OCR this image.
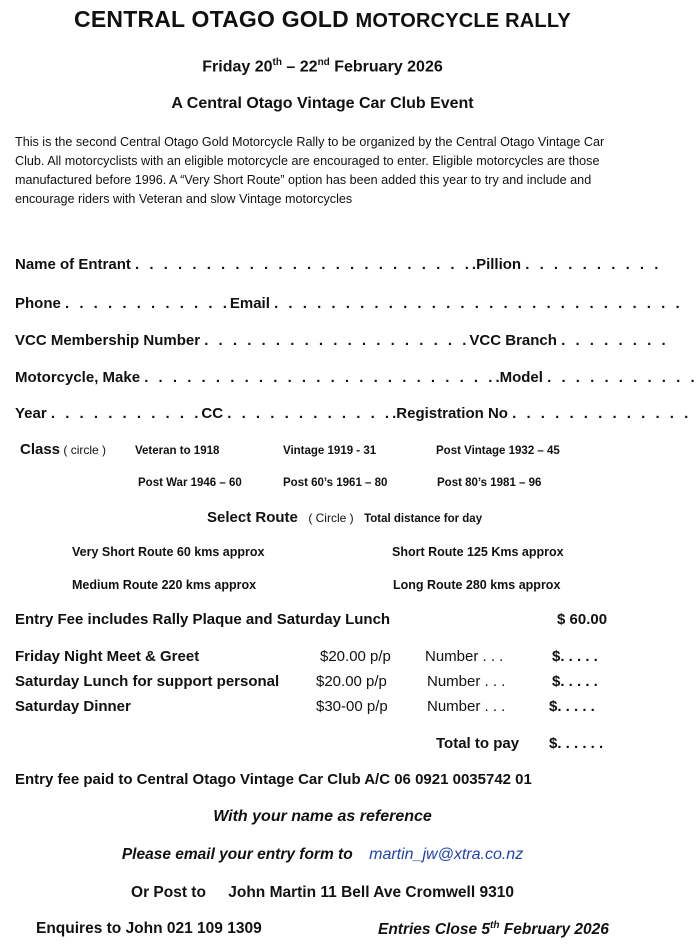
CENTRAL OTAGO GOLD MOTORCYCLE RALLY
Friday 20th – 22nd February 2026
A Central Otago Vintage Car Club Event
This is the second Central Otago Gold Motorcycle Rally to be organized by the Central Otago Vintage Car Club. All motorcyclists with an eligible motorcycle are encouraged to enter. Eligible motorcycles are those manufactured before 1996. A “Very Short Route” option has been added this year to try and include and encourage riders with Veteran and slow Vintage motorcycles
Name of Entrant . . . . . . . . . . . . . . . . . . . . . . . ..Pillion . . . . . . . . . .
Phone . . . . . . . . . . . .Email . . . . . . . . . . . . . . . . . . . . . . . . . . . . .
VCC Membership Number . . . . . . . . . . . . . . . . . . .VCC Branch . . . . . . . .
Motorcycle, Make . . . . . . . . . . . . . . . . . . . . . . . . ..Model . . . . . . . . . . .
Year . . . . . . . . . . .CC . . . . . . . . . . . ..Registration No . . . . . . . . . . . . .
Class ( circle )	Veteran to 1918	Vintage 1919 - 31	Post Vintage 1932 – 45
Post War 1946 – 60	Post 60’s 1961 – 80	Post 80’s 1981 – 96
Select Route ( Circle ) Total distance for day
Very Short Route 60 kms approx	Short Route 125 Kms approx
Medium Route 220 kms approx	Long Route 280 kms approx
Entry Fee includes Rally Plaque and Saturday Lunch	$ 60.00
Friday Night Meet & Greet	$20.00 p/p Number . . .	$. . . . .
Saturday Lunch for support personal $20.00 p/p	Number . . .	$. . . . .
Saturday Dinner	$30-00 p/p	Number . . .	$. . . . .
Total to pay $. . . . . .
Entry fee paid to Central Otago Vintage Car Club A/C 06 0921 0035742 01
With your name as reference
Please email your entry form to martin_jw@xtra.co.nz
Or Post to John Martin 11 Bell Ave Cromwell 9310
Enquires to John 021 109 1309	Entries Close 5th February 2026
